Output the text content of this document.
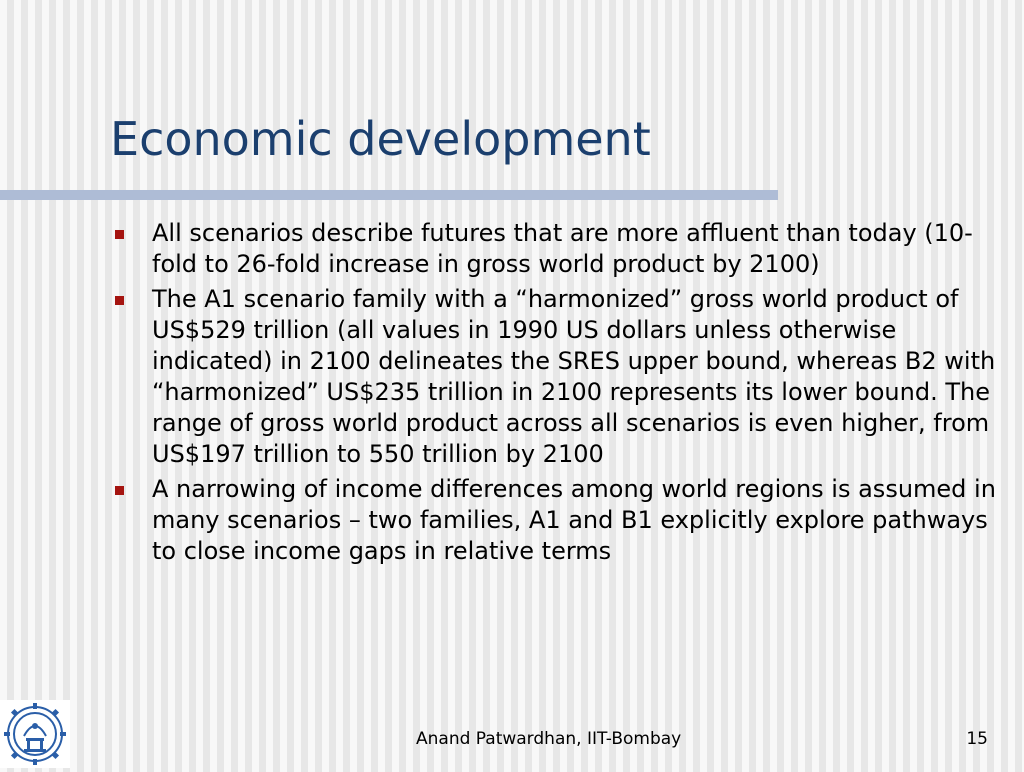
Economic development
All scenarios describe futures that are more affluent than today (10-fold to 26-fold increase in gross world product by 2100)
The A1 scenario family with a “harmonized” gross world product of US$529 trillion (all values in 1990 US dollars unless otherwise indicated) in 2100 delineates the SRES upper bound, whereas B2 with “harmonized” US$235 trillion in 2100 represents its lower bound. The range of gross world product across all scenarios is even higher, from US$197 trillion to 550 trillion by 2100
A narrowing of income differences among world regions is assumed in many scenarios – two families, A1 and B1 explicitly explore pathways to close income gaps in relative terms
Anand Patwardhan, IIT-Bombay	15
